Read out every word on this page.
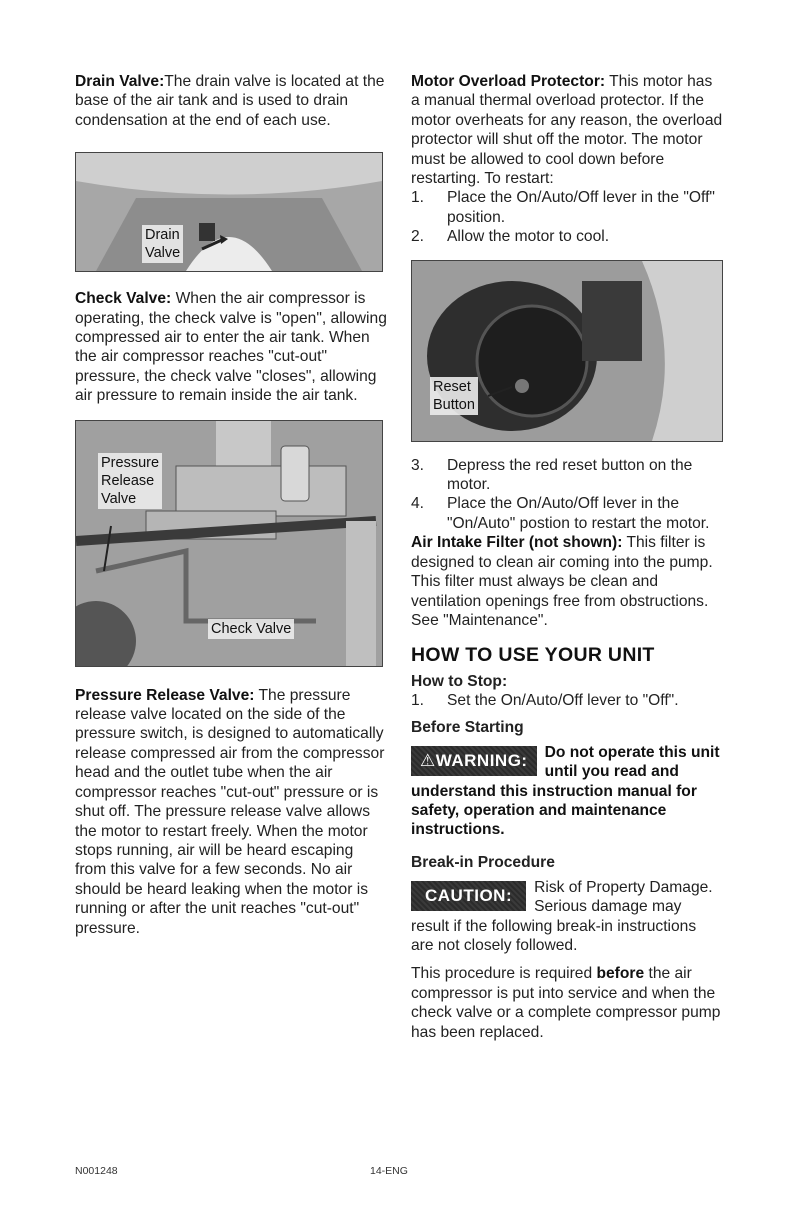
Drain Valve:The drain valve is located at the base of the air tank and is used to drain condensation at the end of each use.

Drain
Valve

Check Valve: When the air compressor is operating, the check valve is "open", allowing compressed air to enter the air tank. When the air compressor reaches "cut-out" pressure, the check valve "closes", allowing air pressure to remain inside the air tank.

Pressure
Release
Valve
Check Valve

Pressure Release Valve: The pressure release valve located on the side of the pressure switch, is designed to automatically release compressed air from the compressor head and the outlet tube when the air compressor reaches "cut-out" pressure or is shut off. The pressure release valve allows the motor to restart freely. When the motor stops running, air will be heard escaping from this valve for a few seconds. No air should be heard leaking when the motor is running or after the unit reaches "cut-out" pressure.

Motor Overload Protector: This motor has a manual thermal overload protector. If the motor overheats for any reason, the overload protector will shut off the motor. The motor must be allowed to cool down before restarting. To restart:

1. Place the On/Auto/Off lever in the "Off" position.
2. Allow the motor to cool.
Reset
Button
3. Depress the red reset button on the motor.
4. Place the On/Auto/Off lever in the "On/Auto" postion to restart the motor.

Air Intake Filter (not shown): This filter is designed to clean air coming into the pump. This filter must always be clean and ventilation openings free from obstructions. See "Maintenance".

HOW TO USE YOUR UNIT
How to Stop:
1. Set the On/Auto/Off lever to "Off".
Before Starting
⚠WARNING:	Do not operate this unit until you read and understand this instruction manual for safety, operation and maintenance instructions.

Break-in Procedure
CAUTION:	Risk of Property Damage. Serious damage may result if the following break-in instructions are not closely followed.

This procedure is required before the air compressor is put into service and when the check valve or a complete compressor pump has been replaced.

N001248	14-ENG
